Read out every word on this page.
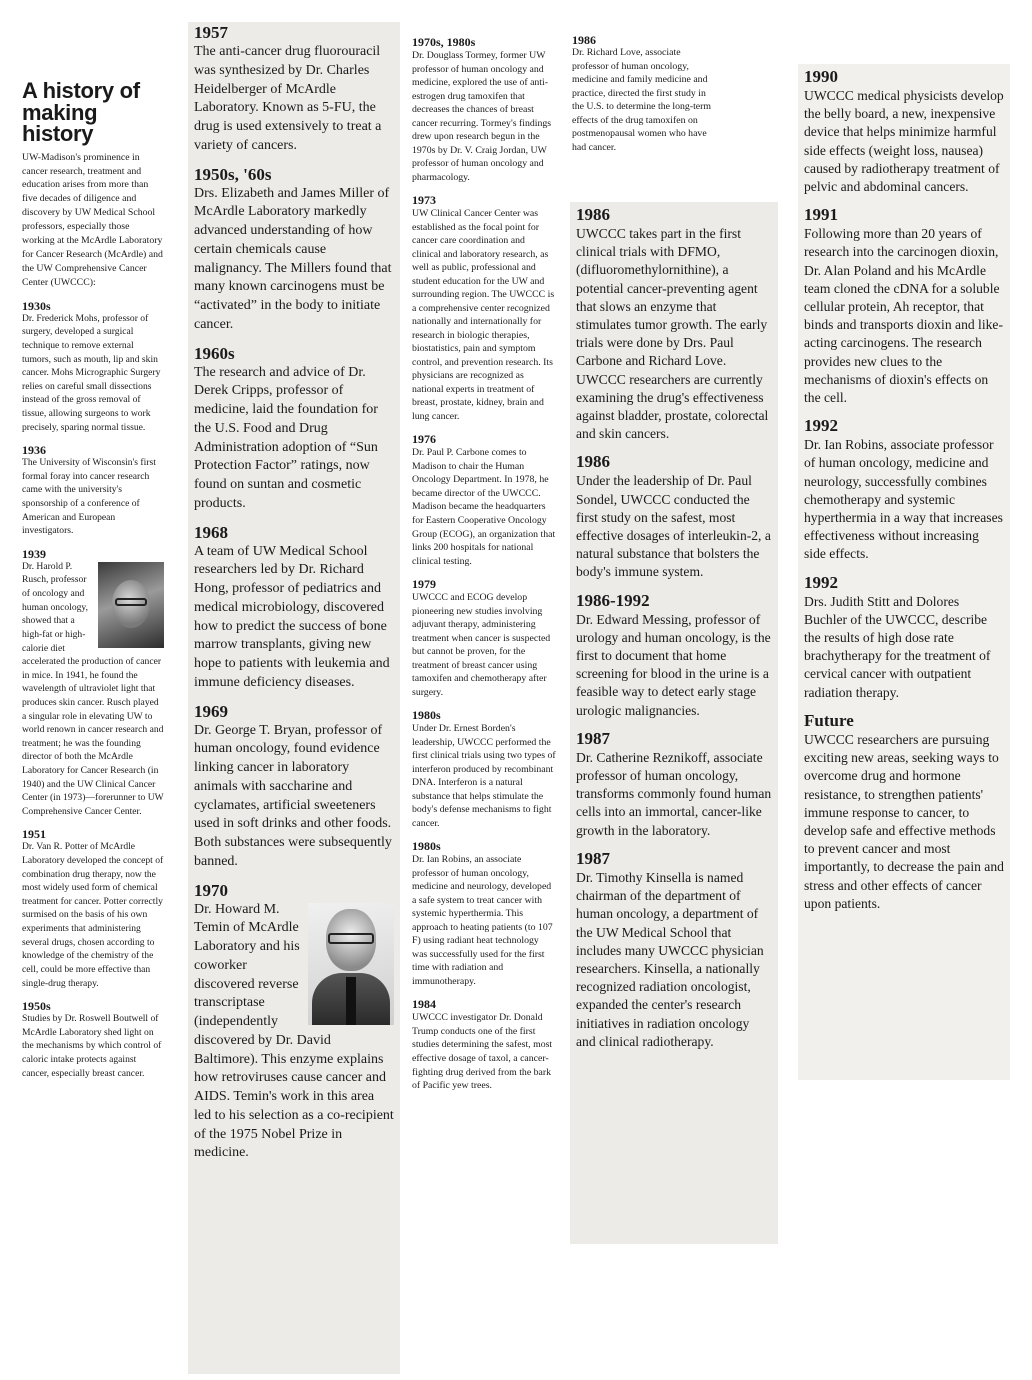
A history of making history
UW-Madison's prominence in cancer research, treatment and education arises from more than five decades of diligence and discovery by UW Medical School professors, especially those working at the McArdle Laboratory for Cancer Research (McArdle) and the UW Comprehensive Cancer Center (UWCCC):
1930s
Dr. Frederick Mohs, professor of surgery, developed a surgical technique to remove external tumors, such as mouth, lip and skin cancer. Mohs Micrographic Surgery relies on careful small dissections instead of the gross removal of tissue, allowing surgeons to work precisely, sparing normal tissue.
1936
The University of Wisconsin's first formal foray into cancer research came with the university's sponsorship of a conference of American and European investigators.
1939
Dr. Harold P. Rusch, professor of oncology and human oncology, showed that a high-fat or high-calorie diet accelerated the production of cancer in mice. In 1941, he found the wavelength of ultraviolet light that produces skin cancer. Rusch played a singular role in elevating UW to world renown in cancer research and treatment; he was the founding director of both the McArdle Laboratory for Cancer Research (in 1940) and the UW Clinical Cancer Center (in 1973)—forerunner to UW Comprehensive Cancer Center.
1951
Dr. Van R. Potter of McArdle Laboratory developed the concept of combination drug therapy, now the most widely used form of chemical treatment for cancer. Potter correctly surmised on the basis of his own experiments that administering several drugs, chosen according to knowledge of the chemistry of the cell, could be more effective than single-drug therapy.
1950s
Studies by Dr. Roswell Boutwell of McArdle Laboratory shed light on the mechanisms by which control of caloric intake protects against cancer, especially breast cancer.
1957
The anti-cancer drug fluorouracil was synthesized by Dr. Charles Heidelberger of McArdle Laboratory. Known as 5-FU, the drug is used extensively to treat a variety of cancers.
1950s, '60s
Drs. Elizabeth and James Miller of McArdle Laboratory markedly advanced understanding of how certain chemicals cause malignancy. The Millers found that many known carcinogens must be “activated” in the body to initiate cancer.
1960s
The research and advice of Dr. Derek Cripps, professor of medicine, laid the foundation for the U.S. Food and Drug Administration adoption of “Sun Protection Factor” ratings, now found on suntan and cosmetic products.
1968
A team of UW Medical School researchers led by Dr. Richard Hong, professor of pediatrics and medical microbiology, discovered how to predict the success of bone marrow transplants, giving new hope to patients with leukemia and immune deficiency diseases.
1969
Dr. George T. Bryan, professor of human oncology, found evidence linking cancer in laboratory animals with saccharine and cyclamates, artificial sweeteners used in soft drinks and other foods. Both substances were subsequently banned.
1970
Dr. Howard M. Temin of McArdle Laboratory and his coworker discovered reverse transcriptase (independently discovered by Dr. David Baltimore). This enzyme explains how retroviruses cause cancer and AIDS. Temin's work in this area led to his selection as a co-recipient of the 1975 Nobel Prize in medicine.
1970s, 1980s
Dr. Douglass Tormey, former UW professor of human oncology and medicine, explored the use of anti-estrogen drug tamoxifen that decreases the chances of breast cancer recurring. Tormey's findings drew upon research begun in the 1970s by Dr. V. Craig Jordan, UW professor of human oncology and pharmacology.
1973
UW Clinical Cancer Center was established as the focal point for cancer care coordination and clinical and laboratory research, as well as public, professional and student education for the UW and surrounding region. The UWCCC is a comprehensive center recognized nationally and internationally for research in biologic therapies, biostatistics, pain and symptom control, and prevention research. Its physicians are recognized as national experts in treatment of breast, prostate, kidney, brain and lung cancer.
1976
Dr. Paul P. Carbone comes to Madison to chair the Human Oncology Department. In 1978, he became director of the UWCCC. Madison became the headquarters for Eastern Cooperative Oncology Group (ECOG), an organization that links 200 hospitals for national clinical testing.
1979
UWCCC and ECOG develop pioneering new studies involving adjuvant therapy, administering treatment when cancer is suspected but cannot be proven, for the treatment of breast cancer using tamoxifen and chemotherapy after surgery.
1980s
Under Dr. Ernest Borden's leadership, UWCCC performed the first clinical trials using two types of interferon produced by recombinant DNA. Interferon is a natural substance that helps stimulate the body's defense mechanisms to fight cancer.
1980s
Dr. Ian Robins, an associate professor of human oncology, medicine and neurology, developed a safe system to treat cancer with systemic hyperthermia. This approach to heating patients (to 107 F) using radiant heat technology was successfully used for the first time with radiation and immunotherapy.
1984
UWCCC investigator Dr. Donald Trump conducts one of the first studies determining the safest, most effective dosage of taxol, a cancer-fighting drug derived from the bark of Pacific yew trees.
1986
Dr. Richard Love, associate professor of human oncology, medicine and family medicine and practice, directed the first study in the U.S. to determine the long-term effects of the drug tamoxifen on postmenopausal women who have had cancer.
1986
UWCCC takes part in the first clinical trials with DFMO, (difluoromethylornithine), a potential cancer-preventing agent that slows an enzyme that stimulates tumor growth. The early trials were done by Drs. Paul Carbone and Richard Love. UWCCC researchers are currently examining the drug's effectiveness against bladder, prostate, colorectal and skin cancers.
1986
Under the leadership of Dr. Paul Sondel, UWCCC conducted the first study on the safest, most effective dosages of interleukin-2, a natural substance that bolsters the body's immune system.
1986-1992
Dr. Edward Messing, professor of urology and human oncology, is the first to document that home screening for blood in the urine is a feasible way to detect early stage urologic malignancies.
1987
Dr. Catherine Reznikoff, associate professor of human oncology, transforms commonly found human cells into an immortal, cancer-like growth in the laboratory.
1987
Dr. Timothy Kinsella is named chairman of the department of human oncology, a department of the UW Medical School that includes many UWCCC physician researchers. Kinsella, a nationally recognized radiation oncologist, expanded the center's research initiatives in radiation oncology and clinical radiotherapy.
1990
UWCCC medical physicists develop the belly board, a new, inexpensive device that helps minimize harmful side effects (weight loss, nausea) caused by radiotherapy treatment of pelvic and abdominal cancers.
1991
Following more than 20 years of research into the carcinogen dioxin, Dr. Alan Poland and his McArdle team cloned the cDNA for a soluble cellular protein, Ah receptor, that binds and transports dioxin and like-acting carcinogens. The research provides new clues to the mechanisms of dioxin's effects on the cell.
1992
Dr. Ian Robins, associate professor of human oncology, medicine and neurology, successfully combines chemotherapy and systemic hyperthermia in a way that increases effectiveness without increasing side effects.
1992
Drs. Judith Stitt and Dolores Buchler of the UWCCC, describe the results of high dose rate brachytherapy for the treatment of cervical cancer with outpatient radiation therapy.
Future
UWCCC researchers are pursuing exciting new areas, seeking ways to overcome drug and hormone resistance, to strengthen patients' immune response to cancer, to develop safe and effective methods to prevent cancer and most importantly, to decrease the pain and stress and other effects of cancer upon patients.
